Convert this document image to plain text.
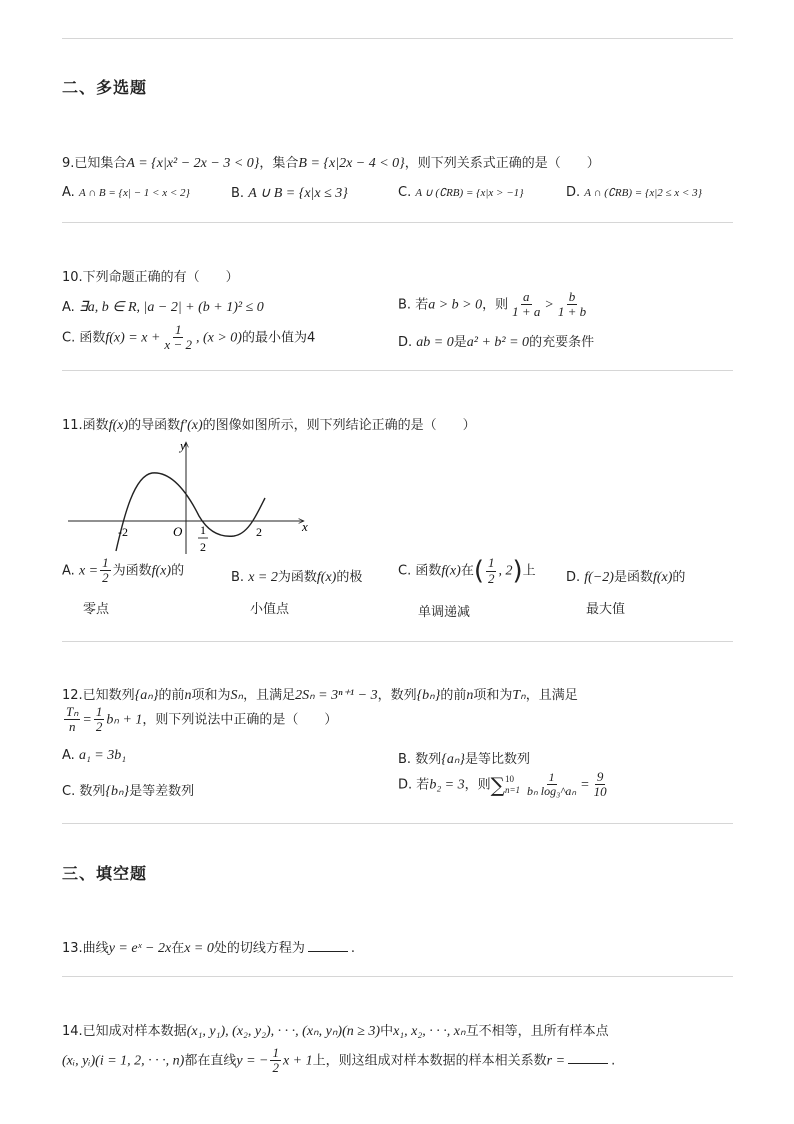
二、多选题
9.已知集合A = {x|x² − 2x − 3 < 0}，集合B = {x|2x − 4 < 0}，则下列关系式正确的是（　　）
A. A ∩ B = {x| − 1 < x < 2}	B. A ∪ B = {x|x ≤ 3}	C. A ∪ (∁RB) = {x|x > −1}	D. A ∩ (∁RB) = {x|2 ≤ x < 3}
10.下列命题正确的有（　　）
A. ∃a, b ∈ R, |a − 2| + (b + 1)² ≤ 0	B. 若a > b > 0，则 $\frac{a}{1 + a} > \frac{b}{1 + b}$
C. 函数$f(x) = x + \frac{1}{x - 2}$ , (x > 0)的最小值为4	D. ab = 0是a² + b² = 0的充要条件
11.函数f(x)的导函数f′(x)的图像如图所示，则下列结论正确的是（　　）
y
x
O
-2	1
2
2
A. $x = \frac{1}{2}$ 为函数f(x)的
零点
B. x = 2为函数f(x)的极
小值点
C. 函数f(x)在( $\frac{1}{2}$ , 2)上
单调递减
D. f(−2)是函数f(x)的
最大值
12.已知数列{aₙ}的前n项和为Sₙ，且满足2Sₙ = 3ⁿ⁺¹ − 3，数列{bₙ}的前n项和为Tₙ，且满足
$\frac{\text{Tₙ}}{n} = \frac{1}{2}$ bₙ + 1，则下列说法中正确的是（　　）
A. a₁ = 3b₁	B. 数列{aₙ}是等比数列
C. 数列{bₙ}是等差数列	D. 若b₂ = 3，则∑ 10
$n=1 \frac{1}{\text{bₙ log₃\textasciicircum{}aₙ}} = \frac{9}{10}$
三、填空题
13.曲线y = eˣ − 2x在x = 0处的切线方程为	.
14.已知成对样本数据(x₁, y₁), (x₂, y₂), · · ·, (xₙ, yₙ)(n ≥ 3)中x₁, x₂, · · ·, xₙ互不相等，且所有样本点
(xᵢ, yᵢ)(i = 1, 2, · · ·, n)都在直线y = − $\frac{1}{2}$ x + 1上，则这组成对样本数据的样本相关系数r =	.
